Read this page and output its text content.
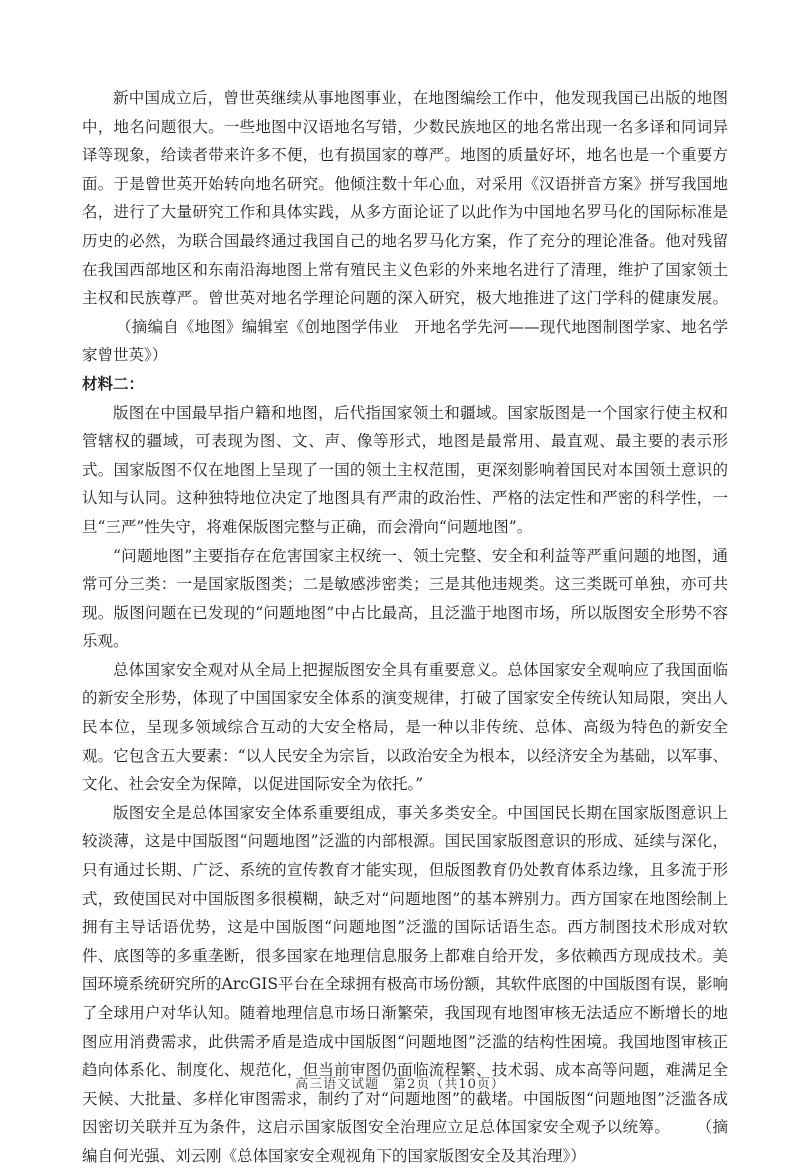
新中国成立后，曾世英继续从事地图事业，在地图编绘工作中，他发现我国已出版的地图中，地名问题很大。一些地图中汉语地名写错，少数民族地区的地名常出现一名多译和同词异译等现象，给读者带来许多不便，也有损国家的尊严。地图的质量好坏，地名也是一个重要方面。于是曾世英开始转向地名研究。他倾注数十年心血，对采用《汉语拼音方案》拼写我国地名，进行了大量研究工作和具体实践，从多方面论证了以此作为中国地名罗马化的国际标准是历史的必然，为联合国最终通过我国自己的地名罗马化方案，作了充分的理论准备。他对残留在我国西部地区和东南沿海地图上常有殖民主义色彩的外来地名进行了清理，维护了国家领土主权和民族尊严。曾世英对地名学理论问题的深入研究，极大地推进了这门学科的健康发展。（摘编自《地图》编辑室《创地图学伟业　开地名学先河——现代地图制图学家、地名学家曾世英》）

材料二：

版图在中国最早指户籍和地图，后代指国家领土和疆域。国家版图是一个国家行使主权和管辖权的疆域，可表现为图、文、声、像等形式，地图是最常用、最直观、最主要的表示形式。国家版图不仅在地图上呈现了一国的领土主权范围，更深刻影响着国民对本国领土意识的认知与认同。这种独特地位决定了地图具有严肃的政治性、严格的法定性和严密的科学性，一旦“三严”性失守，将难保版图完整与正确，而会滑向“问题地图”。

“问题地图”主要指存在危害国家主权统一、领土完整、安全和利益等严重问题的地图，通常可分三类：一是国家版图类；二是敏感涉密类；三是其他违规类。这三类既可单独，亦可共现。版图问题在已发现的“问题地图”中占比最高，且泛滥于地图市场，所以版图安全形势不容乐观。

总体国家安全观对从全局上把握版图安全具有重要意义。总体国家安全观响应了我国面临的新安全形势，体现了中国国家安全体系的演变规律，打破了国家安全传统认知局限，突出人民本位，呈现多领域综合互动的大安全格局，是一种以非传统、总体、高级为特色的新安全观。它包含五大要素：“以人民安全为宗旨，以政治安全为根本，以经济安全为基础，以军事、文化、社会安全为保障，以促进国际安全为依托。”

版图安全是总体国家安全体系重要组成，事关多类安全。中国国民长期在国家版图意识上较淡薄，这是中国版图“问题地图”泛滥的内部根源。国民国家版图意识的形成、延续与深化，只有通过长期、广泛、系统的宣传教育才能实现，但版图教育仍处教育体系边缘，且多流于形式，致使国民对中国版图多很模糊，缺乏对“问题地图”的基本辨别力。西方国家在地图绘制上拥有主导话语优势，这是中国版图“问题地图”泛滥的国际话语生态。西方制图技术形成对软件、底图等的多重垄断，很多国家在地理信息服务上都难自给开发，多依赖西方现成技术。美国环境系统研究所的ArcGIS平台在全球拥有极高市场份额，其软件底图的中国版图有误，影响了全球用户对华认知。随着地理信息市场日渐繁荣，我国现有地图审核无法适应不断增长的地图应用消费需求，此供需矛盾是造成中国版图“问题地图”泛滥的结构性困境。我国地图审核正趋向体系化、制度化、规范化，但当前审图仍面临流程繁、技术弱、成本高等问题，难满足全天候、大批量、多样化审图需求，制约了对“问题地图”的截堵。中国版图“问题地图”泛滥各成因密切关联并互为条件，这启示国家版图安全治理应立足总体国家安全观予以统筹。 （摘编自何光强、刘云刚《总体国家安全观视角下的国家版图安全及其治理》）

高三语文试题　第2页（共10页）
